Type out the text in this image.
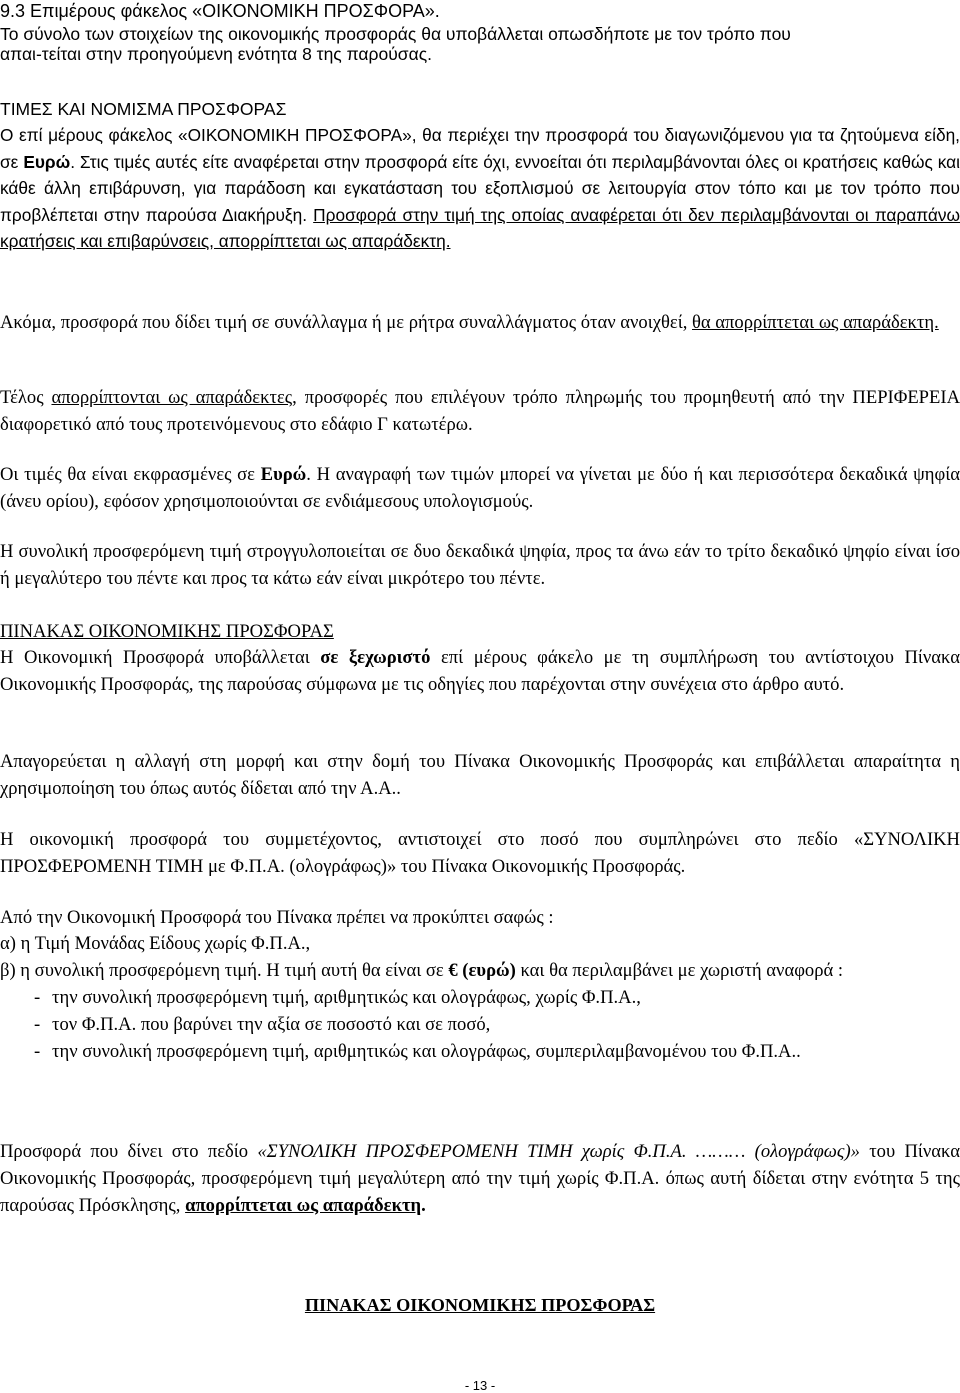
9.3 Επιμέρους φάκελος «ΟΙΚΟΝΟΜΙΚΗ ΠΡΟΣΦΟΡΑ».

Το σύνολο των στοιχείων της οικονομικής προσφοράς θα υποβάλλεται οπωσδήποτε με τον τρόπο που

απαι-τείται στην προηγούμενη ενότητα 8 της παρούσας.

ΤΙΜΕΣ ΚΑΙ ΝΟΜΙΣΜΑ ΠΡΟΣΦΟΡΑΣ

Ο επί μέρους φάκελος «ΟΙΚΟΝΟΜΙΚΗ ΠΡΟΣΦΟΡΑ», θα περιέχει την προσφορά του διαγωνιζόμενου για τα ζητούμενα είδη, σε Ευρώ. Στις τιμές αυτές είτε αναφέρεται στην προσφορά είτε όχι, εννοείται ότι περιλαμβάνονται όλες οι κρατήσεις καθώς και κάθε άλλη επιβάρυνση, για παράδοση και εγκατάσταση του εξοπλισμού σε λειτουργία στον τόπο και με τον τρόπο που προβλέπεται στην παρούσα Διακήρυξη. Προσφορά στην τιμή της οποίας αναφέρεται ότι δεν περιλαμβάνονται οι παραπάνω κρατήσεις και επιβαρύνσεις, απορρίπτεται ως απαράδεκτη.

Ακόμα, προσφορά που δίδει τιμή σε συνάλλαγμα ή με ρήτρα συναλλάγματος όταν ανοιχθεί, θα απορρίπτεται ως απαράδεκτη.

Τέλος απορρίπτονται ως απαράδεκτες, προσφορές που επιλέγουν τρόπο πληρωμής του προμηθευτή από την ΠΕΡΙΦΕΡΕΙΑ διαφορετικό από τους προτεινόμενους στο εδάφιο Γ κατωτέρω.

Οι τιμές θα είναι εκφρασμένες σε Ευρώ. Η αναγραφή των τιμών μπορεί να γίνεται με δύο ή και περισσότερα δεκαδικά ψηφία (άνευ ορίου), εφόσον χρησιμοποιούνται σε ενδιάμεσους υπολογισμούς.

Η συνολική προσφερόμενη τιμή στρογγυλοποιείται σε δυο δεκαδικά ψηφία, προς τα άνω εάν το τρίτο δεκαδικό ψηφίο είναι ίσο ή μεγαλύτερο του πέντε και προς τα κάτω εάν είναι μικρότερο του πέντε.

ΠΙΝΑΚΑΣ ΟΙΚΟΝΟΜΙΚΗΣ ΠΡΟΣΦΟΡΑΣ

Η Οικονομική Προσφορά υποβάλλεται σε ξεχωριστό επί μέρους φάκελο με τη συμπλήρωση του αντίστοιχου Πίνακα Οικονομικής Προσφοράς, της παρούσας σύμφωνα με τις οδηγίες που παρέχονται στην συνέχεια στο άρθρο αυτό.

Απαγορεύεται η αλλαγή στη μορφή και στην δομή του Πίνακα Οικονομικής Προσφοράς και επιβάλλεται απαραίτητα η χρησιμοποίηση του όπως αυτός δίδεται από την Α.Α..

Η οικονομική προσφορά του συμμετέχοντος, αντιστοιχεί στο ποσό που συμπληρώνει στο πεδίο «ΣΥΝΟΛΙΚΗ ΠΡΟΣΦΕΡΟΜΕΝΗ ΤΙΜΗ με Φ.Π.Α. (ολογράφως)» του Πίνακα Οικονομικής Προσφοράς.

Από την Οικονομική Προσφορά του Πίνακα πρέπει να προκύπτει σαφώς :

α) η Τιμή Μονάδας Είδους χωρίς Φ.Π.Α.,

β) η συνολική προσφερόμενη τιμή. Η τιμή αυτή θα είναι σε € (ευρώ) και θα περιλαμβάνει με χωριστή αναφορά :

- την συνολική προσφερόμενη τιμή, αριθμητικώς και ολογράφως, χωρίς Φ.Π.Α.,
- τον Φ.Π.Α. που βαρύνει την αξία σε ποσοστό και σε ποσό,
- την συνολική προσφερόμενη τιμή, αριθμητικώς και ολογράφως, συμπεριλαμβανομένου του Φ.Π.Α..

Προσφορά που δίνει στο πεδίο «ΣΥΝΟΛΙΚΗ ΠΡΟΣΦΕΡΟΜΕΝΗ ΤΙΜΗ χωρίς Φ.Π.Α. ……… (ολογράφως)» του Πίνακα Οικονομικής Προσφοράς, προσφερόμενη τιμή μεγαλύτερη από την τιμή χωρίς Φ.Π.Α. όπως αυτή δίδεται στην ενότητα 5 της παρούσας Πρόσκλησης, απορρίπτεται ως απαράδεκτη.

ΠΙΝΑΚΑΣ ΟΙΚΟΝΟΜΙΚΗΣ ΠΡΟΣΦΟΡΑΣ

- 13 -
